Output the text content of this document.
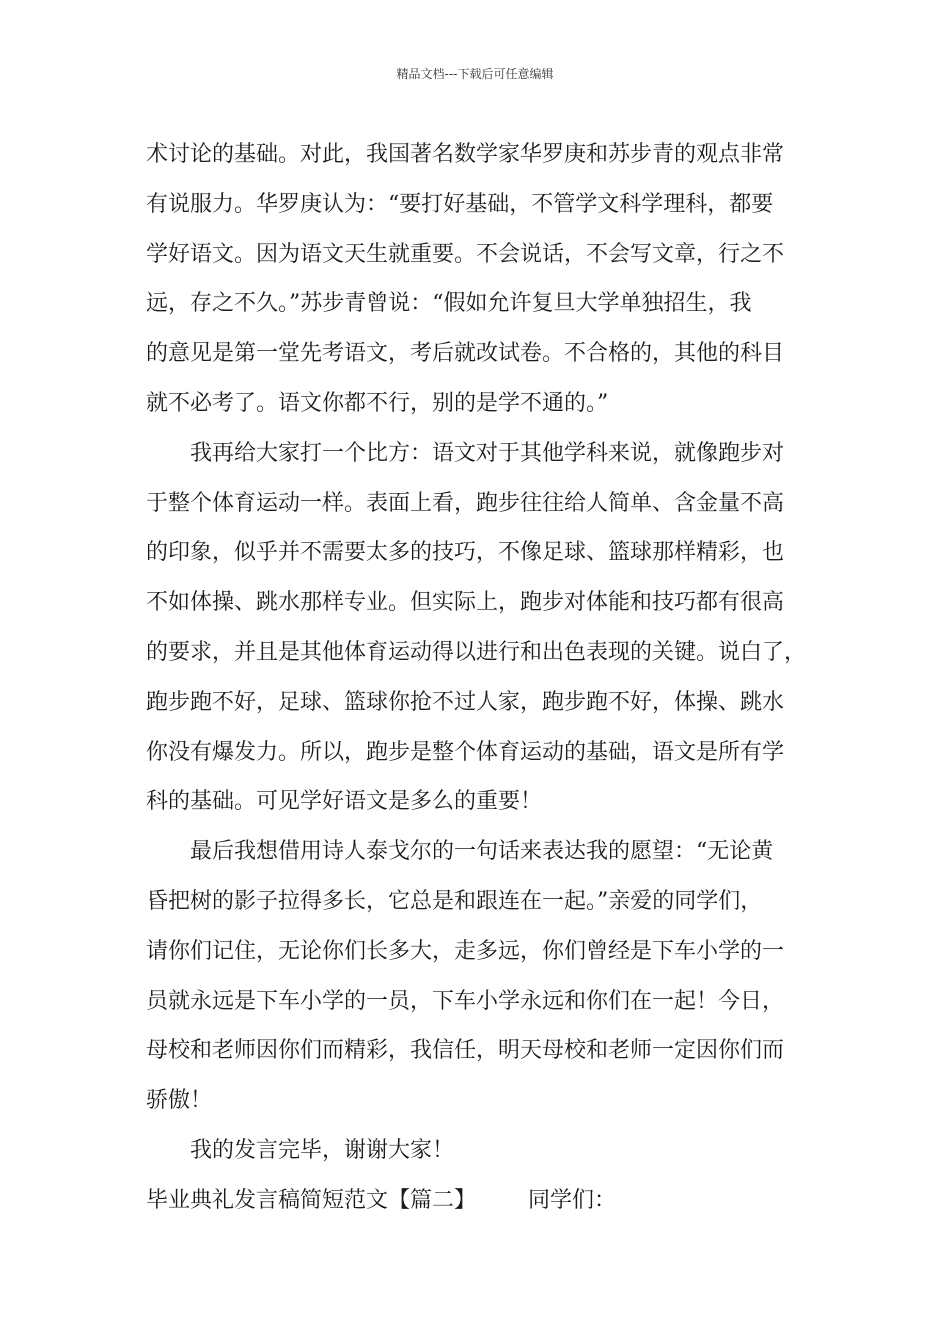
精品文档---下载后可任意编辑
术讨论的基础。对此，我国著名数学家华罗庚和苏步青的观点非常
有说服力。华罗庚认为：“要打好基础，不管学文科学理科，都要
学好语文。因为语文天生就重要。不会说话，不会写文章，行之不
远，存之不久。”苏步青曾说：“假如允许复旦大学单独招生，我
的意见是第一堂先考语文，考后就改试卷。不合格的，其他的科目
就不必考了。语文你都不行，别的是学不通的。”
我再给大家打一个比方：语文对于其他学科来说，就像跑步对
于整个体育运动一样。表面上看，跑步往往给人简单、含金量不高
的印象，似乎并不需要太多的技巧，不像足球、篮球那样精彩，也
不如体操、跳水那样专业。但实际上，跑步对体能和技巧都有很高
的要求，并且是其他体育运动得以进行和出色表现的关键。说白了，
跑步跑不好，足球、篮球你抢不过人家，跑步跑不好，体操、跳水
你没有爆发力。所以，跑步是整个体育运动的基础，语文是所有学
科的基础。可见学好语文是多么的重要！
最后我想借用诗人泰戈尔的一句话来表达我的愿望：“无论黄
昏把树的影子拉得多长，它总是和跟连在一起。”亲爱的同学们，
请你们记住，无论你们长多大，走多远，你们曾经是下车小学的一
员就永远是下车小学的一员，下车小学永远和你们在一起！今日，
母校和老师因你们而精彩，我信任，明天母校和老师一定因你们而
骄傲！
我的发言完毕，谢谢大家！
毕业典礼发言稿简短范文【篇二】 同学们：
